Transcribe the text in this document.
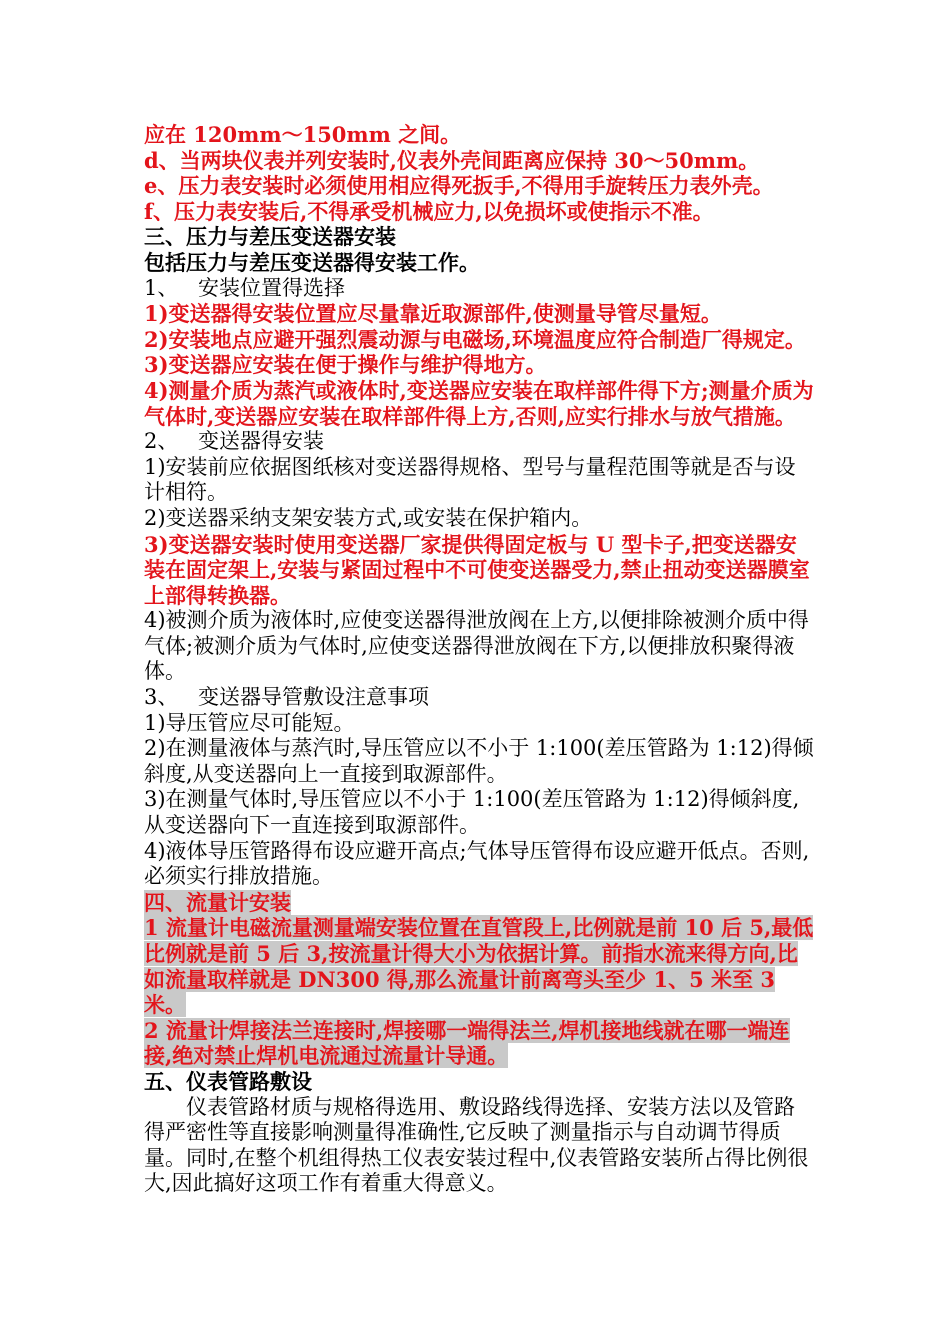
应在 120mm～150mm 之间。

d、当两块仪表并列安装时,仪表外壳间距离应保持 30～50mm。

e、压力表安装时必须使用相应得死扳手,不得用手旋转压力表外壳。

f、压力表安装后,不得承受机械应力,以免损坏或使指示不准。

三、压力与差压变送器安装

包括压力与差压变送器得安装工作。

1、 安装位置得选择

1)变送器得安装位置应尽量靠近取源部件,使测量导管尽量短。

2)安装地点应避开强烈震动源与电磁场,环境温度应符合制造厂得规定。

3)变送器应安装在便于操作与维护得地方。

4)测量介质为蒸汽或液体时,变送器应安装在取样部件得下方;测量介质为气体时,变送器应安装在取样部件得上方,否则,应实行排水与放气措施。

2、 变送器得安装

1)安装前应依据图纸核对变送器得规格、型号与量程范围等就是否与设计相符。

2)变送器采纳支架安装方式,或安装在保护箱内。

3)变送器安装时使用变送器厂家提供得固定板与 U 型卡子,把变送器安装在固定架上,安装与紧固过程中不可使变送器受力,禁止扭动变送器膜室上部得转换器。

4)被测介质为液体时,应使变送器得泄放阀在上方,以便排除被测介质中得气体;被测介质为气体时,应使变送器得泄放阀在下方,以便排放积聚得液体。

3、 变送器导管敷设注意事项

1)导压管应尽可能短。

2)在测量液体与蒸汽时,导压管应以不小于 1:100(差压管路为 1:12)得倾斜度,从变送器向上一直接到取源部件。

3)在测量气体时,导压管应以不小于 1:100(差压管路为 1:12)得倾斜度,从变送器向下一直连接到取源部件。

4)液体导压管路得布设应避开高点;气体导压管得布设应避开低点。否则,必须实行排放措施。

四、流量计安装

1 流量计电磁流量测量端安装位置在直管段上,比例就是前 10 后 5,最低比例就是前 5 后 3,按流量计得大小为依据计算。前指水流来得方向,比如流量取样就是 DN300 得,那么流量计前离弯头至少 1、5 米至 3 米。

2 流量计焊接法兰连接时,焊接哪一端得法兰,焊机接地线就在哪一端连接,绝对禁止焊机电流通过流量计导通。

五、仪表管路敷设

仪表管路材质与规格得选用、敷设路线得选择、安装方法以及管路得严密性等直接影响测量得准确性,它反映了测量指示与自动调节得质量。同时,在整个机组得热工仪表安装过程中,仪表管路安装所占得比例很大,因此搞好这项工作有着重大得意义。
